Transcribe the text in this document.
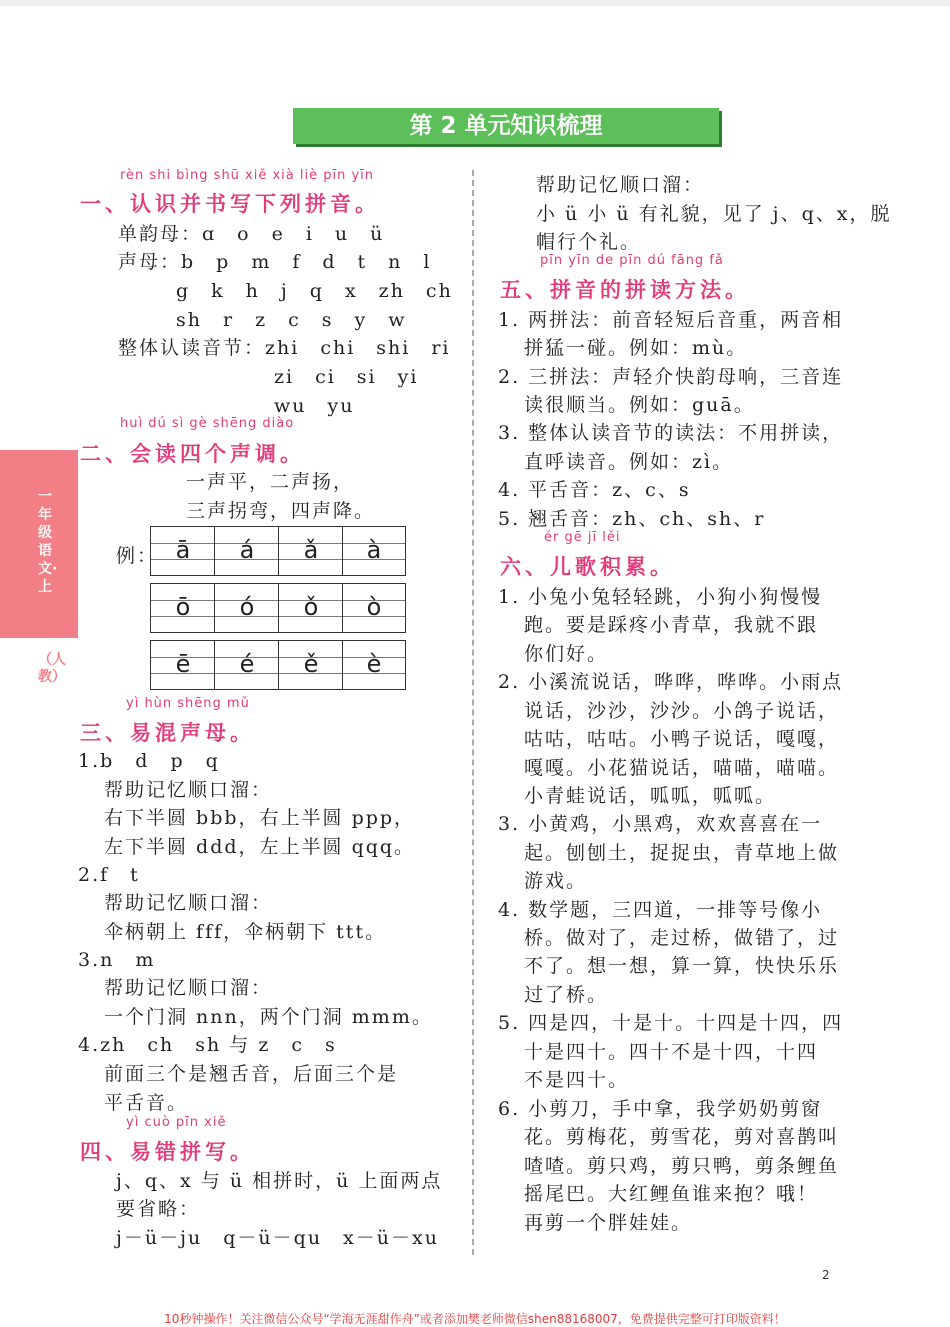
第 2 单元知识梳理
一年级语文·上
（人教）
rèn shi bìng shū xiě xià liè pīn yīn
一、认识并书写下列拼音。
单韵母：ɑ　o　e　i　u　ü
声母：b　p　m　f　d　t　n　l
g　k　h　j　q　x　zh　ch
sh　r　z　c　s　y　w
整体认读音节：zhi　chi　shi　ri
zi　ci　si　yi
wu　yu
huì dú sì gè shēng diào
二、会读四个声调。
一声平，二声扬，
三声拐弯，四声降。
例： ā	á	ǎ	à
ō	ó	ǒ	ò
ē	é	ě	è
yì hùn shēng mǔ
三、易混声母。
1.b　d　p　q
帮助记忆顺口溜：
右下半圆 bbb，右上半圆 ppp，
左下半圆 ddd，左上半圆 qqq。
2.f　t
帮助记忆顺口溜：
伞柄朝上 fff，伞柄朝下 ttt。
3.n　m
帮助记忆顺口溜：
一个门洞 nnn，两个门洞 mmm。
4.zh　ch　sh 与 z　c　s
前面三个是翘舌音，后面三个是
平舌音。
yì cuò pīn xiě
四、易错拼写。
j、q、x 与 ü 相拼时，ü 上面两点
要省略：
j－ü－ju　q－ü－qu　x－ü－xu
帮助记忆顺口溜：
小 ü 小 ü 有礼貌，见了 j、q、x，脱
帽行个礼。
pīn yīn de pīn dú fāng fǎ
五、拼音的拼读方法。
1. 两拼法：前音轻短后音重，两音相
拼猛一碰。例如：mù。
2. 三拼法：声轻介快韵母响，三音连
读很顺当。例如：guā。
3. 整体认读音节的读法：不用拼读，
直呼读音。例如：zì。
4. 平舌音：z、c、s
5. 翘舌音：zh、ch、sh、r
ér gē jī lěi
六、儿歌积累。
1. 小兔小兔轻轻跳，小狗小狗慢慢
跑。要是踩疼小青草，我就不跟
你们好。
2. 小溪流说话，哗哗，哗哗。小雨点
说话，沙沙，沙沙。小鸽子说话，
咕咕，咕咕。小鸭子说话，嘎嘎，
嘎嘎。小花猫说话，喵喵，喵喵。
小青蛙说话，呱呱，呱呱。
3. 小黄鸡，小黑鸡，欢欢喜喜在一
起。刨刨土，捉捉虫，青草地上做
游戏。
4. 数学题，三四道，一排等号像小
桥。做对了，走过桥，做错了，过
不了。想一想，算一算，快快乐乐
过了桥。
5. 四是四，十是十。十四是十四，四
十是四十。四十不是十四，十四
不是四十。
6. 小剪刀，手中拿，我学奶奶剪窗
花。剪梅花，剪雪花，剪对喜鹊叫
喳喳。剪只鸡，剪只鸭，剪条鲤鱼
摇尾巴。大红鲤鱼谁来抱？哦！
再剪一个胖娃娃。
2
10秒钟操作！关注微信公众号“学海无涯甜作舟”或者添加樊老师微信shen88168007，免费提供完整可打印版资料！
